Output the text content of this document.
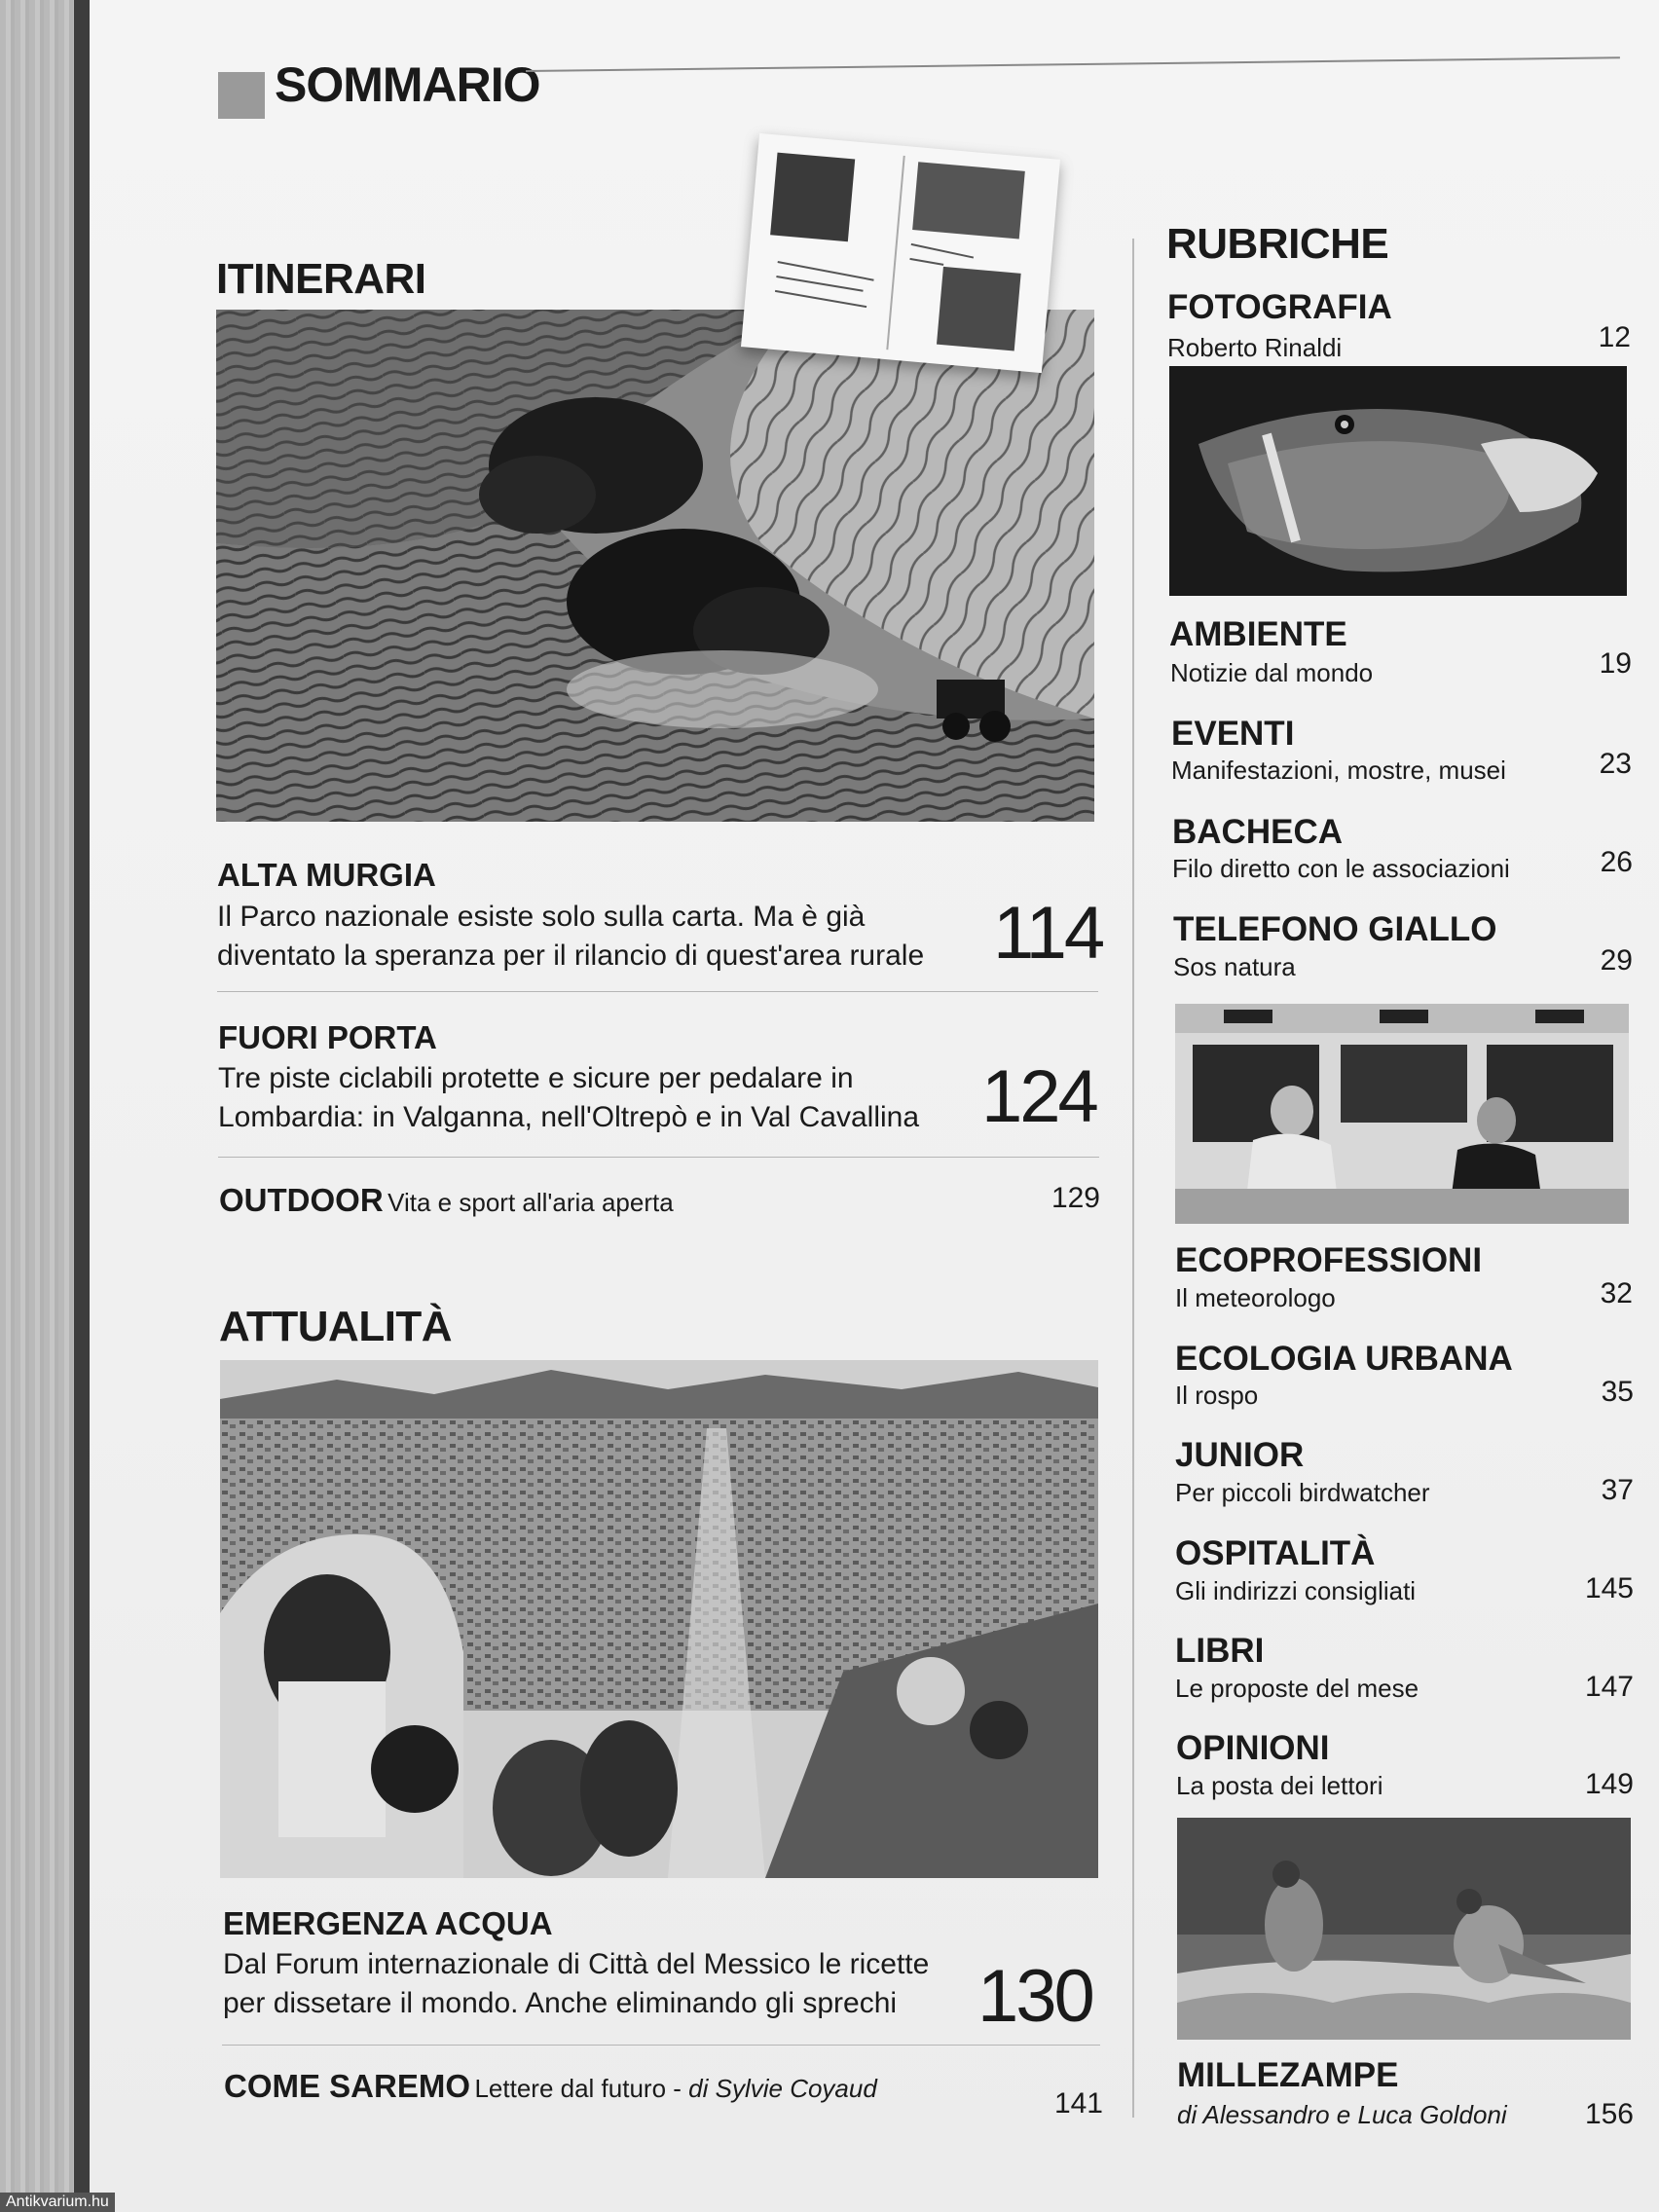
SOMMARIO
ITINERARI
ALTA MURGIA
Il Parco nazionale esiste solo sulla carta. Ma è già
diventato la speranza per il rilancio di quest'area rurale 114
FUORI PORTA
Tre piste ciclabili protette e sicure per pedalare in
Lombardia: in Valganna, nell'Oltrepò e in Val Cavallina 124
OUTDOOR Vita e sport all'aria aperta	129
ATTUALITÀ
EMERGENZA ACQUA
Dal Forum internazionale di Città del Messico le ricette
per dissetare il mondo. Anche eliminando gli sprechi 130
COME SAREMO Lettere dal futuro - di Sylvie Coyaud	141
RUBRICHE
FOTOGRAFIA
Roberto Rinaldi	12
AMBIENTE
Notizie dal mondo	19
EVENTI
Manifestazioni, mostre, musei	23
BACHECA
Filo diretto con le associazioni	26
TELEFONO GIALLO
Sos natura	29
ECOPROFESSIONI
Il meteorologo	32
ECOLOGIA URBANA
Il rospo	35
JUNIOR
Per piccoli birdwatcher	37
OSPITALITÀ
Gli indirizzi consigliati	145
LIBRI
Le proposte del mese	147
OPINIONI
La posta dei lettori	149
MILLEZAMPE
di Alessandro e Luca Goldoni	156
Antikvarium.hu
